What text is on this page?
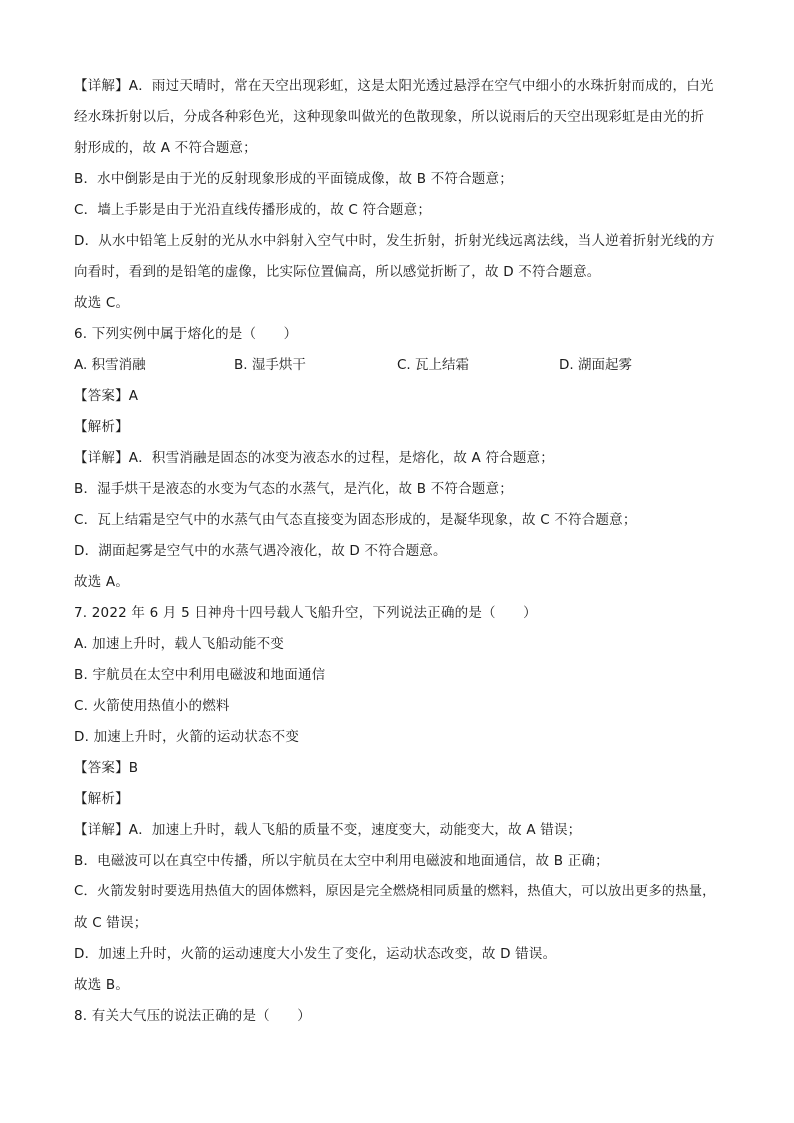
【详解】A．雨过天晴时，常在天空出现彩虹，这是太阳光透过悬浮在空气中细小的水珠折射而成的，白光
经水珠折射以后，分成各种彩色光，这种现象叫做光的色散现象，所以说雨后的天空出现彩虹是由光的折
射形成的，故 A 不符合题意；
B．水中倒影是由于光的反射现象形成的平面镜成像，故 B 不符合题意；
C．墙上手影是由于光沿直线传播形成的，故 C 符合题意；
D．从水中铅笔上反射的光从水中斜射入空气中时，发生折射，折射光线远离法线，当人逆着折射光线的方
向看时，看到的是铅笔的虚像，比实际位置偏高，所以感觉折断了，故 D 不符合题意。
故选 C。
6. 下列实例中属于熔化的是（　　）
A. 积雪消融	B. 湿手烘干	C. 瓦上结霜	D. 湖面起雾
【答案】A
【解析】
【详解】A．积雪消融是固态的冰变为液态水的过程，是熔化，故 A 符合题意；
B．湿手烘干是液态的水变为气态的水蒸气，是汽化，故 B 不符合题意；
C．瓦上结霜是空气中的水蒸气由气态直接变为固态形成的，是凝华现象，故 C 不符合题意；
D．湖面起雾是空气中的水蒸气遇冷液化，故 D 不符合题意。
故选 A。
7. 2022 年 6 月 5 日神舟十四号载人飞船升空，下列说法正确的是（　　）
A. 加速上升时，载人飞船动能不变
B. 宇航员在太空中利用电磁波和地面通信
C. 火箭使用热值小的燃料
D. 加速上升时，火箭的运动状态不变
【答案】B
【解析】
【详解】A．加速上升时，载人飞船的质量不变，速度变大，动能变大，故 A 错误；
B．电磁波可以在真空中传播，所以宇航员在太空中利用电磁波和地面通信，故 B 正确；
C．火箭发射时要选用热值大的固体燃料，原因是完全燃烧相同质量的燃料，热值大，可以放出更多的热量，
故 C 错误；
D．加速上升时，火箭的运动速度大小发生了变化，运动状态改变，故 D 错误。
故选 B。
8. 有关大气压的说法正确的是（　　）
